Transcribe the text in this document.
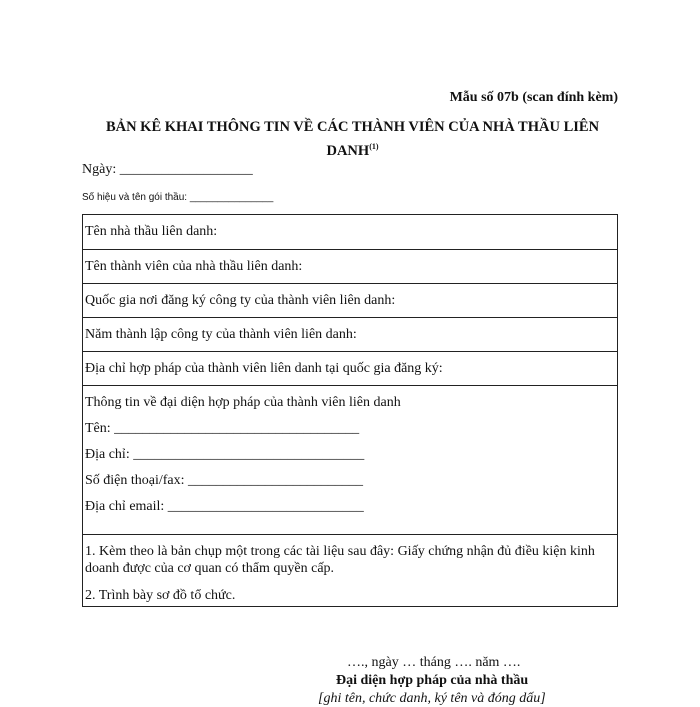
Mẫu số 07b (scan đính kèm)
BẢN KÊ KHAI THÔNG TIN VỀ CÁC THÀNH VIÊN CỦA NHÀ THẦU LIÊN DANH$^{(1)}$
Ngày: ___________________
Số hiệu và tên gói thầu: _______________
Tên nhà thầu liên danh:
Tên thành viên của nhà thầu liên danh:
Quốc gia nơi đăng ký công ty của thành viên liên danh:
Năm thành lập công ty của thành viên liên danh:
Địa chỉ hợp pháp của thành viên liên danh tại quốc gia đăng ký:
Thông tin về đại diện hợp pháp của thành viên liên danh
Tên: ___________________________________
Địa chỉ: _________________________________
Số điện thoại/fax: _________________________
Địa chỉ email: ____________________________
1. Kèm theo là bản chụp một trong các tài liệu sau đây: Giấy chứng nhận đủ điều kiện kinh doanh được của cơ quan có thẩm quyền cấp.
2. Trình bày sơ đồ tổ chức.
…., ngày … tháng …. năm ….
Đại diện hợp pháp của nhà thầu
[ghi tên, chức danh, ký tên và đóng dấu]
